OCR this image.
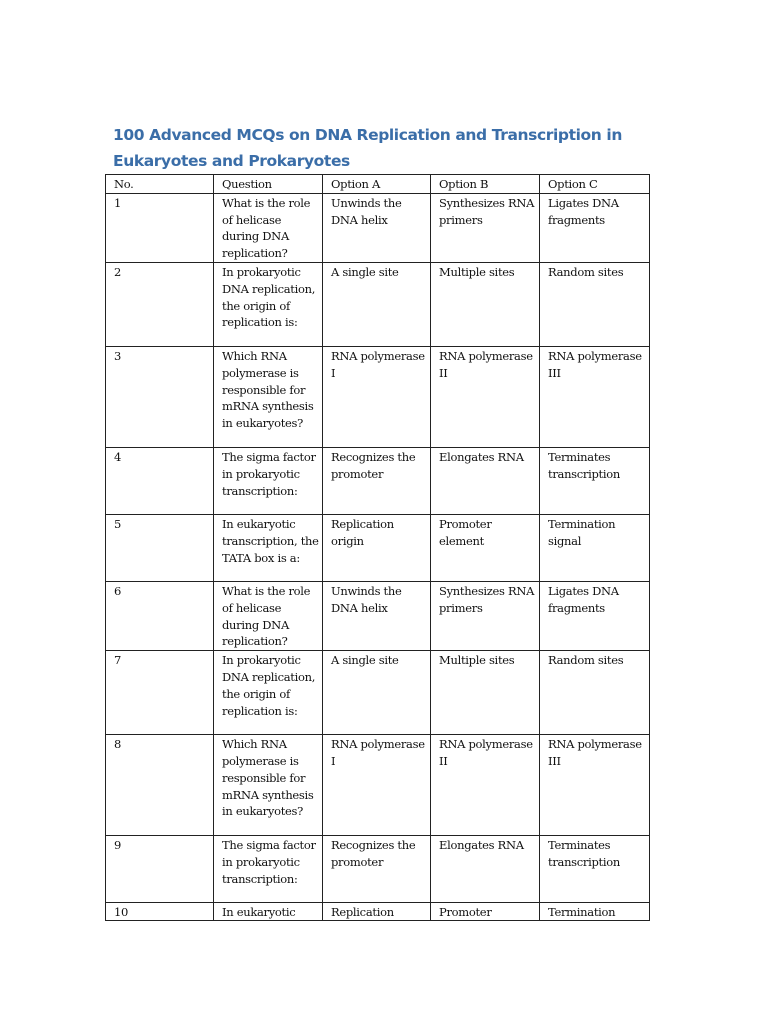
100 Advanced MCQs on DNA Replication and Transcription in Eukaryotes and Prokaryotes
No.	Question	Option A	Option B	Option C
1	What is the role of helicase during DNA replication?	Unwinds the DNA helix	Synthesizes RNA primers	Ligates DNA fragments
2	In prokaryotic DNA replication, the origin of replication is:	A single site	Multiple sites	Random sites
3	Which RNA polymerase is responsible for mRNA synthesis in eukaryotes?	RNA polymerase I	RNA polymerase II	RNA polymerase III
4	The sigma factor in prokaryotic transcription:	Recognizes the promoter	Elongates RNA	Terminates transcription
5	In eukaryotic transcription, the TATA box is a:	Replication origin	Promoter element	Termination signal
6	What is the role of helicase during DNA replication?	Unwinds the DNA helix	Synthesizes RNA primers	Ligates DNA fragments
7	In prokaryotic DNA replication, the origin of replication is:	A single site	Multiple sites	Random sites
8	Which RNA polymerase is responsible for mRNA synthesis in eukaryotes?	RNA polymerase I	RNA polymerase II	RNA polymerase III
9	The sigma factor in prokaryotic transcription:	Recognizes the promoter	Elongates RNA	Terminates transcription

10	In eukaryotic	Replication	Promoter	Termination
